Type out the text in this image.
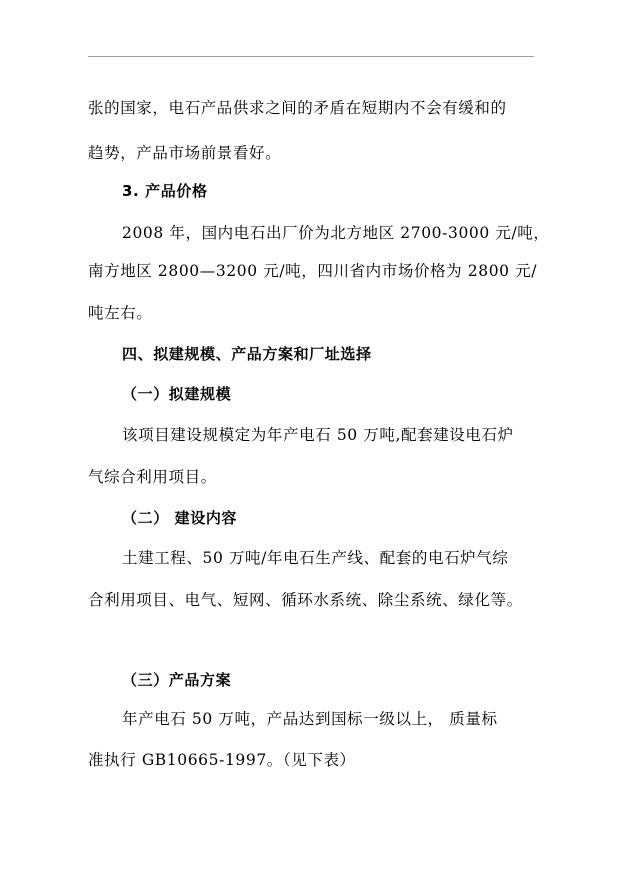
张的国家，电石产品供求之间的矛盾在短期内不会有缓和的
趋势，产品市场前景看好。
3. 产品价格
2008 年，国内电石出厂价为北方地区 2700-3000 元/吨，
南方地区 2800—3200 元/吨，四川省内市场价格为 2800 元/
吨左右。
四、拟建规模、产品方案和厂址选择
（一）拟建规模
该项目建设规模定为年产电石 50 万吨,配套建设电石炉
气综合利用项目。
（二） 建设内容
土建工程、50 万吨/年电石生产线、配套的电石炉气综
合利用项目、电气、短网、循环水系统、除尘系统、绿化等。
（三）产品方案
年产电石 50 万吨，产品达到国标一级以上， 质量标
准执行 GB10665-1997。（见下表）
